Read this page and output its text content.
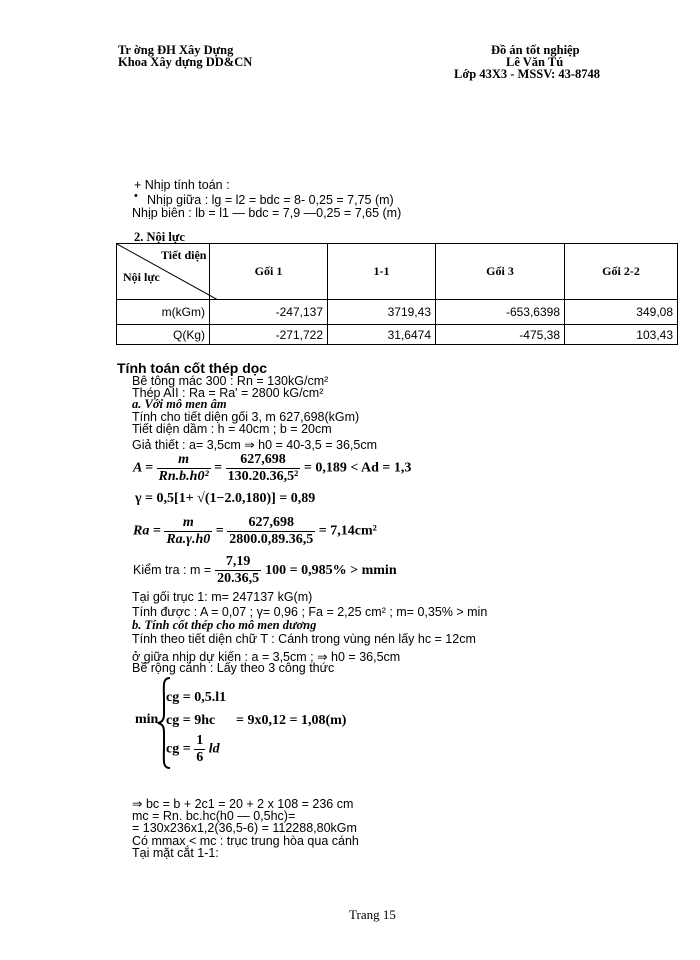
Tr ờng ĐH Xây Dựng
Khoa Xây dựng DD&CN
Đồ án tốt nghiệp
Lê Văn Tú
Lớp 43X3 - MSSV: 43-8748
+ Nhịp tính toán :
• Nhịp giữa : lg = l2 = bdc = 8- 0,25 = 7,75 (m)
Nhịp biên : lb = l1 — bdc = 7,9 —0,25 = 7,65 (m)
2. Nội lực
Tiết diện
Nội lực	Gối 1	1-1	Gối 3	Gối 2-2
m(kGm)	-247,137	3719,43	-653,6398	349,08
Q(Kg)	-271,722	31,6474	-475,38	103,43
Tính toán cốt thép dọc
Bê tông mác 300 : Rn = 130kG/cm²
Thép AII : Ra = Ra' = 2800 kG/cm²
a. Với mô men âm
Tính cho tiết diện gối 3, m 627,698(kGm)
Tiết diện dầm : h = 40cm ; b = 20cm
Giả thiết : a= 3,5cm ⇒ h0 = 40-3,5 = 36,5cm
$A = \frac{m}{\text{Rn.b.h0²}} = \frac{627,698}{\text{130.20.36,5²}} = 0,189 < Ad = 1,3$
γ = 0,5[1+ √(1−2.0,180)] = 0,89
$Ra = \frac{m}{Ra.\gamma.h0} = \frac{627,698}{2800.0,89.36,5} = 7,14cm^2$
Kiểm tra : $m = \frac{7,19}{20.36,5} 100 = 0,985\% > mmin$
Tại gối trục 1: m= 247137 kG(m)
Tính được : A = 0,07 ; γ= 0,96 ; Fa = 2,25 cm² ; m= 0,35% > min
b. Tính cốt thép cho mô men dương
Tính theo tiết diện chữ T : Cánh trong vùng nén lấy hc = 12cm
ở giữa nhịp dự kiến : a = 3,5cm ; ⇒ h0 = 36,5cm
Bề rộng cánh : Lấy theo 3 công thức
min
cg = 0,5.l1
cg = 9hc = 9x0,12 = 1,08(m)
cg = $\frac{1}{6}$ ld
⇒ bc = b + 2c1 = 20 + 2 x 108 = 236 cm
mc = Rn. bc.hc(h0 — 0,5hc)=
= 130x236x1,2(36,5-6) = 112288,80kGm
Có mmax < mc : trục trung hòa qua cánh
Tại mặt cắt 1-1:
Trang 15
